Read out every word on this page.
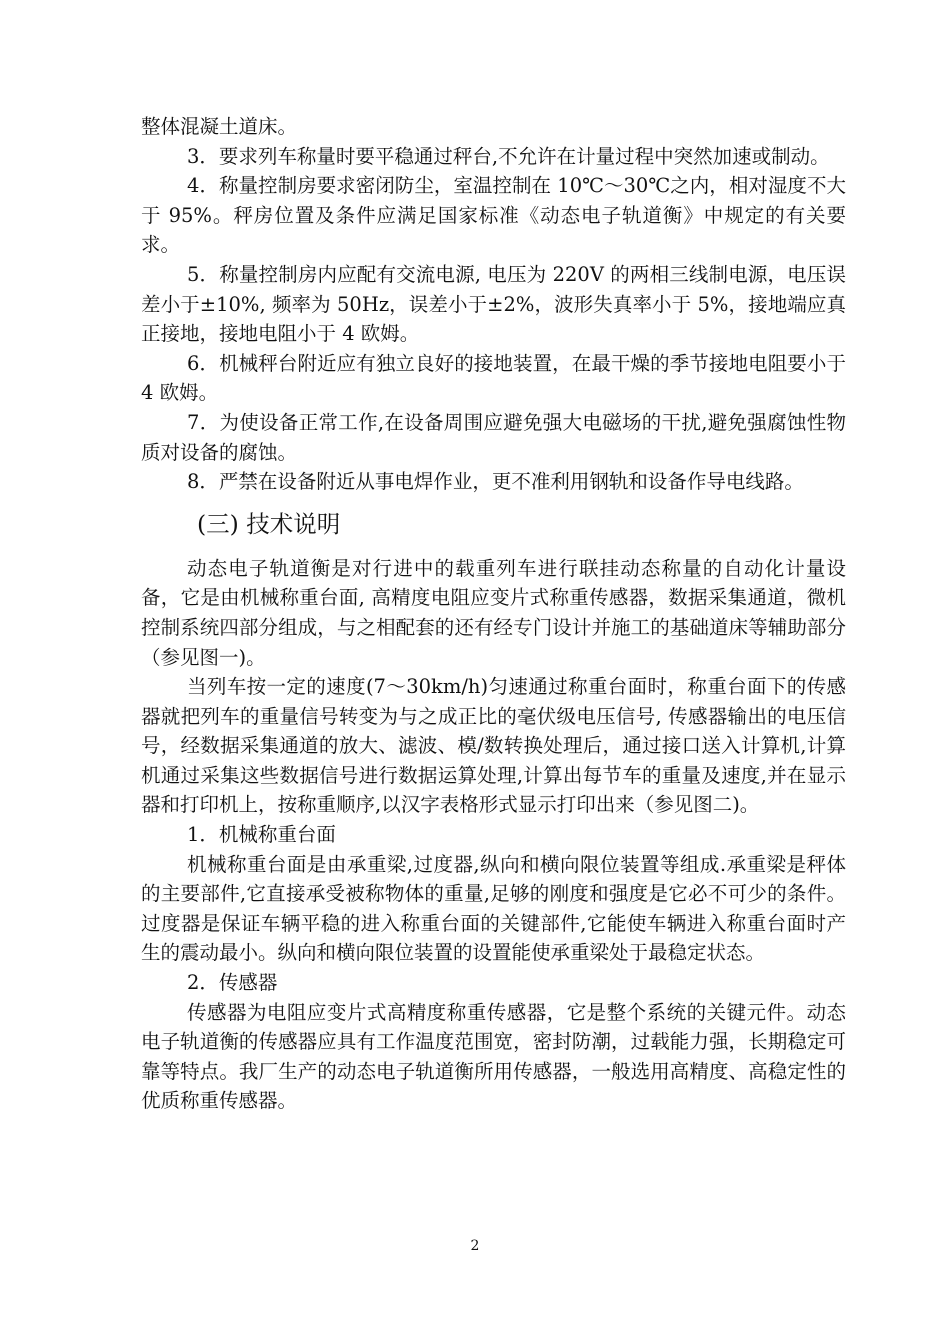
整体混凝土道床。

3．要求列车称量时要平稳通过秤台,不允许在计量过程中突然加速或制动。

4．称量控制房要求密闭防尘，室温控制在 10℃～30℃之内，相对湿度不大于 95%。秤房位置及条件应满足国家标准《动态电子轨道衡》中规定的有关要求。

5．称量控制房内应配有交流电源, 电压为 220V 的两相三线制电源，电压误差小于±10%, 频率为 50Hz，误差小于±2%，波形失真率小于 5%，接地端应真正接地，接地电阻小于 4 欧姆。

6．机械秤台附近应有独立良好的接地装置，在最干燥的季节接地电阻要小于 4 欧姆。

7．为使设备正常工作,在设备周围应避免强大电磁场的干扰,避免强腐蚀性物质对设备的腐蚀。

8．严禁在设备附近从事电焊作业，更不准利用钢轨和设备作导电线路。

(三) 技术说明

动态电子轨道衡是对行进中的载重列车进行联挂动态称量的自动化计量设备，它是由机械称重台面, 高精度电阻应变片式称重传感器，数据采集通道，微机控制系统四部分组成，与之相配套的还有经专门设计并施工的基础道床等辅助部分（参见图一)。

当列车按一定的速度(7～30km/h)匀速通过称重台面时，称重台面下的传感器就把列车的重量信号转变为与之成正比的毫伏级电压信号, 传感器输出的电压信号，经数据采集通道的放大、滤波、模/数转换处理后，通过接口送入计算机,计算机通过采集这些数据信号进行数据运算处理,计算出每节车的重量及速度,并在显示器和打印机上，按称重顺序,以汉字表格形式显示打印出来（参见图二)。

1．机械称重台面

机械称重台面是由承重梁,过度器,纵向和横向限位装置等组成.承重梁是秤体的主要部件,它直接承受被称物体的重量,足够的刚度和强度是它必不可少的条件。过度器是保证车辆平稳的进入称重台面的关键部件,它能使车辆进入称重台面时产生的震动最小。纵向和横向限位装置的设置能使承重梁处于最稳定状态。

2．传感器

传感器为电阻应变片式高精度称重传感器，它是整个系统的关键元件。动态电子轨道衡的传感器应具有工作温度范围宽，密封防潮，过载能力强，长期稳定可靠等特点。我厂生产的动态电子轨道衡所用传感器，一般选用高精度、高稳定性的优质称重传感器。

2
